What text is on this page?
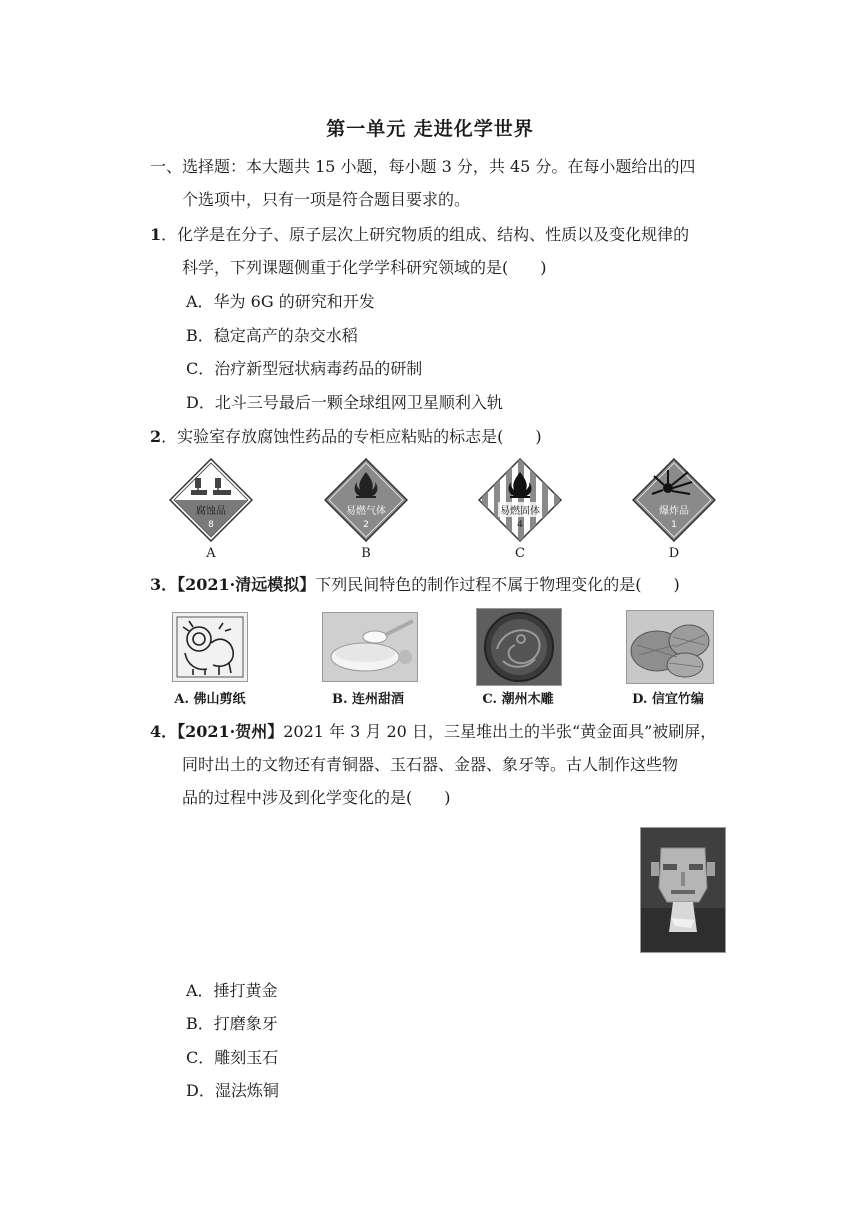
第一单元 走进化学世界
一、选择题：本大题共 15 小题，每小题 3 分，共 45 分。在每小题给出的四
个选项中，只有一项是符合题目要求的。
1．化学是在分子、原子层次上研究物质的组成、结构、性质以及变化规律的
科学，下列课题侧重于化学学科研究领域的是(　　)
A．华为 6G 的研究和开发
B．稳定高产的杂交水稻
C．治疗新型冠状病毒药品的研制
D．北斗三号最后一颗全球组网卫星顺利入轨
2．实验室存放腐蚀性药品的专柜应粘贴的标志是(　　)
腐蚀品
8
A
易燃气体
2
B
易燃固体
4
C
爆炸品
1
D
3．【2021·清远模拟】下列民间特色的制作过程不属于物理变化的是(　　)
A. 佛山剪纸	B. 连州甜酒	C. 潮州木雕	D. 信宜竹编
4．【2021·贺州】2021 年 3 月 20 日，三星堆出土的半张“黄金面具”被刷屏，
同时出土的文物还有青铜器、玉石器、金器、象牙等。古人制作这些物
品的过程中涉及到化学变化的是(　　)
A．捶打黄金
B．打磨象牙
C．雕刻玉石
D．湿法炼铜
